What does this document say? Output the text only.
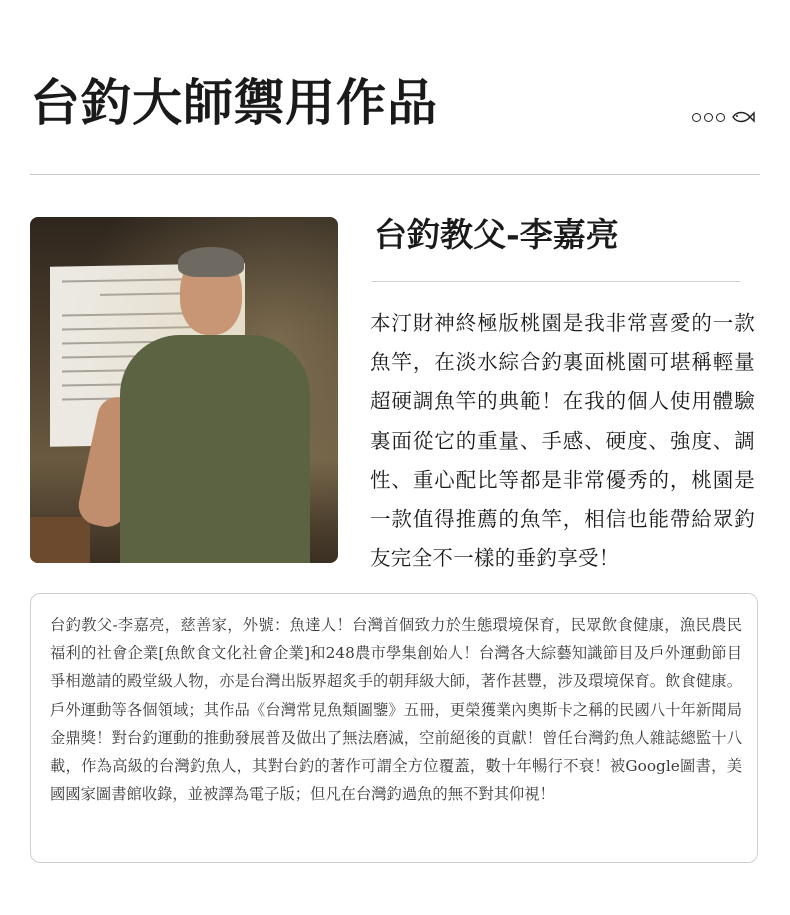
台釣大師禦用作品
台釣教父-李嘉亮
本汀財神終極版桃園是我非常喜愛的一款魚竿，在淡水綜合釣裏面桃園可堪稱輕量超硬調魚竿的典範！在我的個人使用體驗裏面從它的重量、手感、硬度、強度、調性、重心配比等都是非常優秀的，桃園是一款值得推薦的魚竿，相信也能帶給眾釣友完全不一樣的垂釣享受！
台釣教父-李嘉亮，慈善家，外號：魚達人！台灣首個致力於生態環境保育，民眾飲食健康，漁民農民福利的社會企業[魚飲食文化社會企業]和248農市學集創始人！台灣各大綜藝知識節目及戶外運動節目爭相邀請的殿堂級人物，亦是台灣出版界超炙手的朝拜級大師，著作甚豐，涉及環境保育。飲食健康。戶外運動等各個領域；其作品《台灣常見魚類圖鑒》五冊，更榮獲業內奧斯卡之稱的民國八十年新聞局金鼎獎！對台釣運動的推動發展普及做出了無法磨滅，空前絕後的貢獻！曾任台灣釣魚人雜誌總監十八載，作為高級的台灣釣魚人，其對台釣的著作可謂全方位覆蓋，數十年暢行不衰！被Google圖書，美國國家圖書館收錄，並被譯為電子版；但凡在台灣釣過魚的無不對其仰視！
